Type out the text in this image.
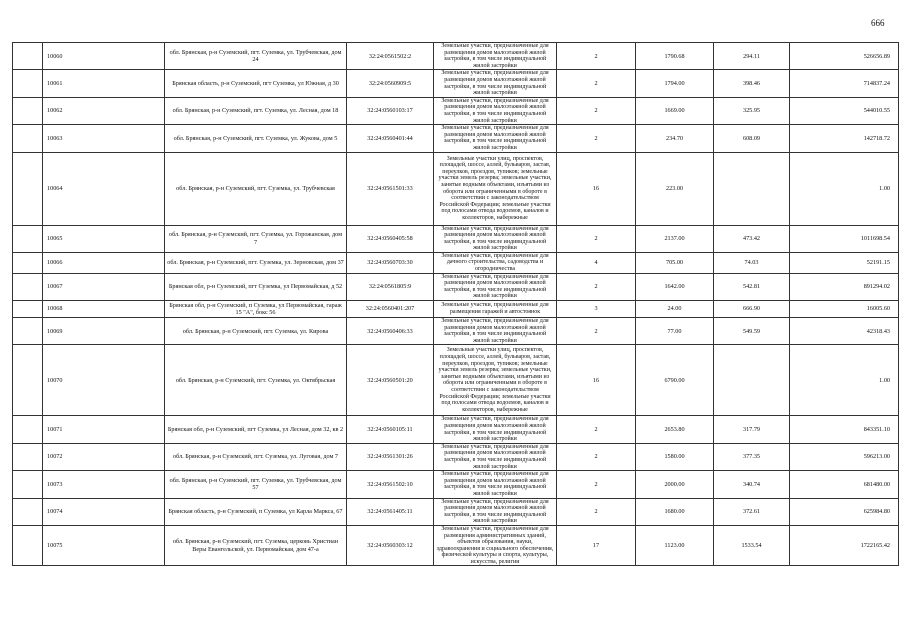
666
	10060	обл. Брянская, р-н Суземский, пгт. Суземка, ул. Трубчевская, дом 24	32:24:0561502:2	Земельные участки, предназначенные для размещения домов малоэтажной жилой застройки, в том числе индивидуальной жилой застройки	2	1790.68	294.11	526656.89
	10061	Брянская область, р-н Суземский, пгт Суземка, ул Южная, д 30	32:24:0560909:5	Земельные участки, предназначенные для размещения домов малоэтажной жилой застройки, в том числе индивидуальной жилой застройки	2	1794.00	398.46	714837.24
	10062	обл. Брянская, р-н Суземский, пгт. Суземка, ул. Лесная, дом 18	32:24:0560103:17	Земельные участки, предназначенные для размещения домов малоэтажной жилой застройки, в том числе индивидуальной жилой застройки	2	1669.00	325.95	544010.55
	10063	обл. Брянская, р-н Суземский, пгт. Суземка, ул. Жукова, дом 5	32:24:0560401:44	Земельные участки, предназначенные для размещения домов малоэтажной жилой застройки, в том числе индивидуальной жилой застройки	2	234.70	608.09	142718.72
	10064	обл. Брянская, р-н Суземский, пгт. Суземка, ул. Трубчевская	32:24:0561501:33	Земельные участки улиц, проспектов, площадей, шоссе, аллей, бульваров, застав, переулков, проездов, тупиков; земельные участки земель резерва; земельные участки, занятые водными объектами, изъятыми из оборота или ограниченными в обороте в соответствии с законодательством Российской Федерации; земельные участки под полосами отвода водоемов, каналов и коллекторов, набережные	16	223.00		1.00
	10065	обл. Брянская, р-н Суземский, пгт. Суземка, ул. Горожанская, дом 7	32:24:0560405:58	Земельные участки, предназначенные для размещения домов малоэтажной жилой застройки, в том числе индивидуальной жилой застройки	2	2137.00	473.42	1011698.54
	10066	обл. Брянская, р-н Суземский, пгт. Суземка, ул. Зерновская, дом 37	32:24:0560703:30	Земельные участки, предназначенные для дачного строительства, садоводства и огородничества	4	705.00	74.03	52191.15
	10067	Брянская обл, р-н Суземский, пгт Суземка, ул Первомайская, д 52	32:24:0561805:9	Земельные участки, предназначенные для размещения домов малоэтажной жилой застройки, в том числе индивидуальной жилой застройки	2	1642.00	542.81	891294.02
	10068	Брянская обл, р-н Суземский, п Суземка, ул Первомайская, гараж 15 "А", бокс 56	32:24:0560401:207	Земельные участки, предназначенные для размещения гаражей и автостоянок	3	24.00	666.90	16005.60
	10069	обл. Брянская, р-н Суземский, пгт. Суземка, ул. Кирова	32:24:0560406:33	Земельные участки, предназначенные для размещения домов малоэтажной жилой застройки, в том числе индивидуальной жилой застройки	2	77.00	549.59	42318.43
	10070	обл. Брянская, р-н Суземский, пгт. Суземка, ул. Октябрьская	32:24:0560501:20	Земельные участки улиц, проспектов, площадей, шоссе, аллей, бульваров, застав, переулков, проездов, тупиков; земельные участки земель резерва; земельные участки, занятые водными объектами, изъятыми из оборота или ограниченными в обороте в соответствии с законодательством Российской Федерации; земельные участки под полосами отвода водоемов, каналов и коллекторов, набережные	16	6790.00		1.00
	10071	Брянская обл, р-н Суземский, пгт Суземка, ул Лесная, дом 32, кв 2	32:24:0560105:11	Земельные участки, предназначенные для размещения домов малоэтажной жилой застройки, в том числе индивидуальной жилой застройки	2	2653.80	317.79	843351.10
	10072	обл. Брянская, р-н Суземский, пгт. Суземка, ул. Луговая, дом 7	32:24:0561301:26	Земельные участки, предназначенные для размещения домов малоэтажной жилой застройки, в том числе индивидуальной жилой застройки	2	1580.00	377.35	596213.00
	10073	обл. Брянская, р-н Суземский, пгт. Суземка, ул. Трубчевская, дом 57	32:24:0561502:10	Земельные участки, предназначенные для размещения домов малоэтажной жилой застройки, в том числе индивидуальной жилой застройки	2	2000.00	340.74	681480.00
	10074	Брянская область, р-н Суземский, п Суземка, ул Карла Маркса, 67	32:24:0561405:11	Земельные участки, предназначенные для размещения домов малоэтажной жилой застройки, в том числе индивидуальной жилой застройки	2	1680.00	372.61	625984.80
	10075	обл. Брянская, р-н Суземский, пгт. Суземка, церковь Христиан Веры Евангельской, ул. Первомайская, дом 47-а	32:24:0560303:12	Земельные участки, предназначенные для размещения административных зданий, объектов образования, науки, здравоохранения и социального обеспечения, физической культуры и спорта, культуры, искусства, религии	17	1123.00	1533.54	1722165.42
